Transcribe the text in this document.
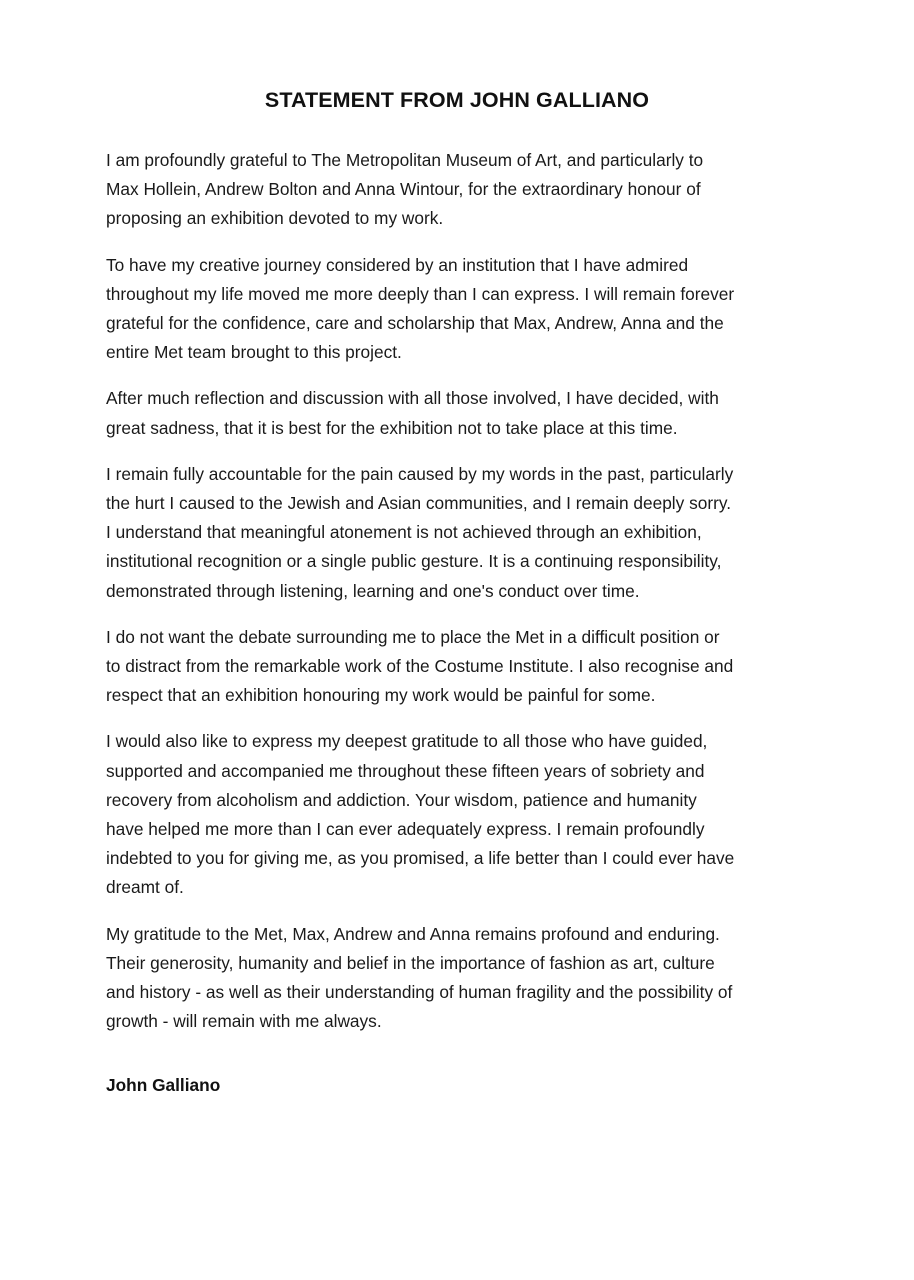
STATEMENT FROM JOHN GALLIANO

I am profoundly grateful to The Metropolitan Museum of Art, and particularly to
Max Hollein, Andrew Bolton and Anna Wintour, for the extraordinary honour of
proposing an exhibition devoted to my work.

To have my creative journey considered by an institution that I have admired
throughout my life moved me more deeply than I can express. I will remain forever
grateful for the confidence, care and scholarship that Max, Andrew, Anna and the
entire Met team brought to this project.

After much reflection and discussion with all those involved, I have decided, with
great sadness, that it is best for the exhibition not to take place at this time.

I remain fully accountable for the pain caused by my words in the past, particularly
the hurt I caused to the Jewish and Asian communities, and I remain deeply sorry.
I understand that meaningful atonement is not achieved through an exhibition,
institutional recognition or a single public gesture. It is a continuing responsibility,
demonstrated through listening, learning and one's conduct over time.

I do not want the debate surrounding me to place the Met in a difficult position or
to distract from the remarkable work of the Costume Institute. I also recognise and
respect that an exhibition honouring my work would be painful for some.

I would also like to express my deepest gratitude to all those who have guided,
supported and accompanied me throughout these fifteen years of sobriety and
recovery from alcoholism and addiction. Your wisdom, patience and humanity
have helped me more than I can ever adequately express. I remain profoundly
indebted to you for giving me, as you promised, a life better than I could ever have
dreamt of.

My gratitude to the Met, Max, Andrew and Anna remains profound and enduring.
Their generosity, humanity and belief in the importance of fashion as art, culture
and history - as well as their understanding of human fragility and the possibility of
growth - will remain with me always.

John Galliano
